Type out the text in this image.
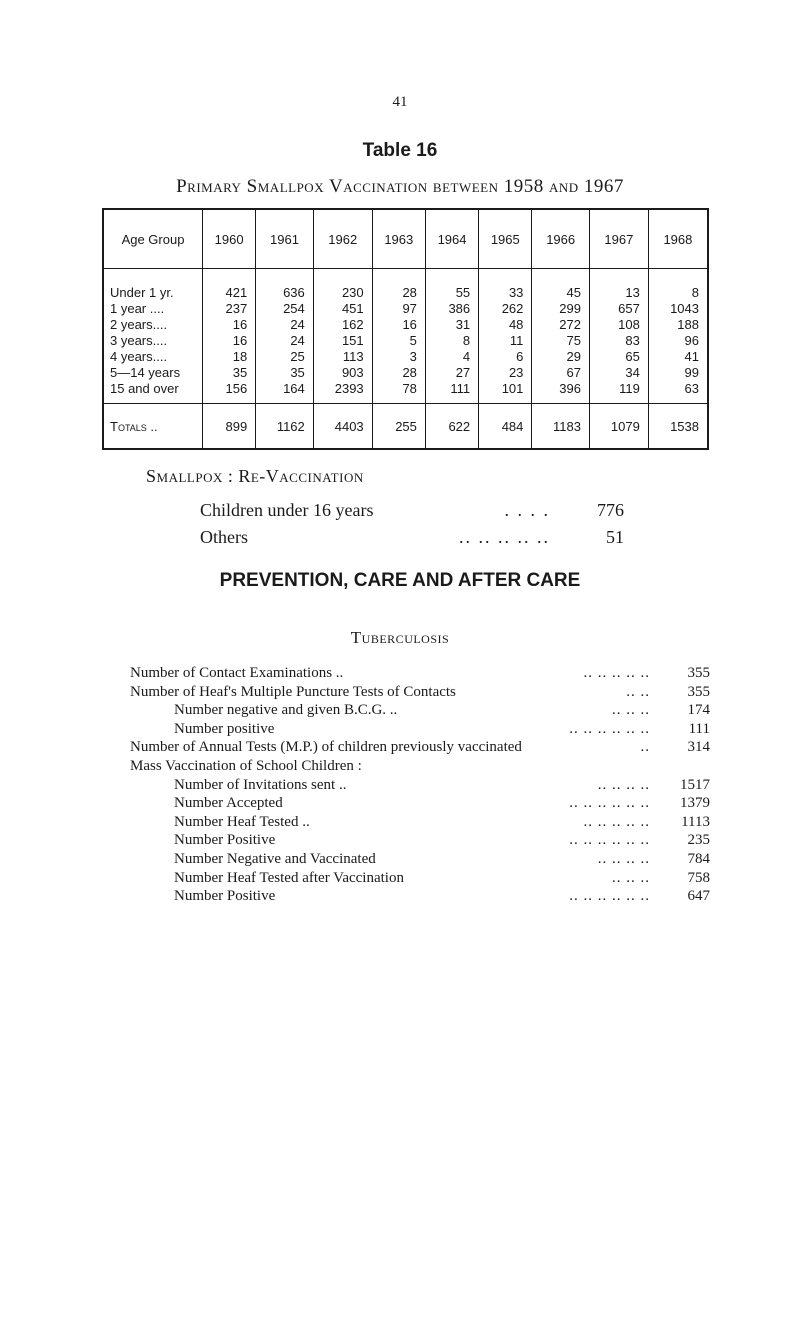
41
Table 16
Primary Smallpox Vaccination between 1958 and 1967
Age Group	1960	1961	1962	1963	1964	1965	1966	1967	1968
Under 1 yr.	421	636	230	28	55	33	45	13	8
1 year ....	237	254	451	97	386	262	299	657	1043
2 years....	16	24	162	16	31	48	272	108	188
3 years....	16	24	151	5	8	11	75	83	96
4 years....	18	25	113	3	4	6	29	65	41
5—14 years	35	35	903	28	27	23	67	34	99
15 and over	156	164	2393	78	111	101	396	119	63
Totals ..	899	1162	4403	255	622	484	1183	1079	1538
Smallpox : Re-Vaccination
Children under 16 years	. . . .	776
Others	.. .. .. .. ..	51
PREVENTION, CARE AND AFTER CARE
Tuberculosis
Number of Contact Examinations ..	.. .. .. .. ..	355
Number of Heaf's Multiple Puncture Tests of Contacts	.. ..	355
Number negative and given B.C.G. ..	.. .. ..	174
Number positive	.. .. .. .. .. ..	111
Number of Annual Tests (M.P.) of children previously vaccinated	..	314
Mass Vaccination of School Children :
Number of Invitations sent ..	.. .. .. ..	1517
Number Accepted	.. .. .. .. .. ..	1379
Number Heaf Tested ..	.. .. .. .. ..	1113
Number Positive	.. .. .. .. .. ..	235
Number Negative and Vaccinated	.. .. .. ..	784
Number Heaf Tested after Vaccination	.. .. ..	758
Number Positive	.. .. .. .. .. ..	647
